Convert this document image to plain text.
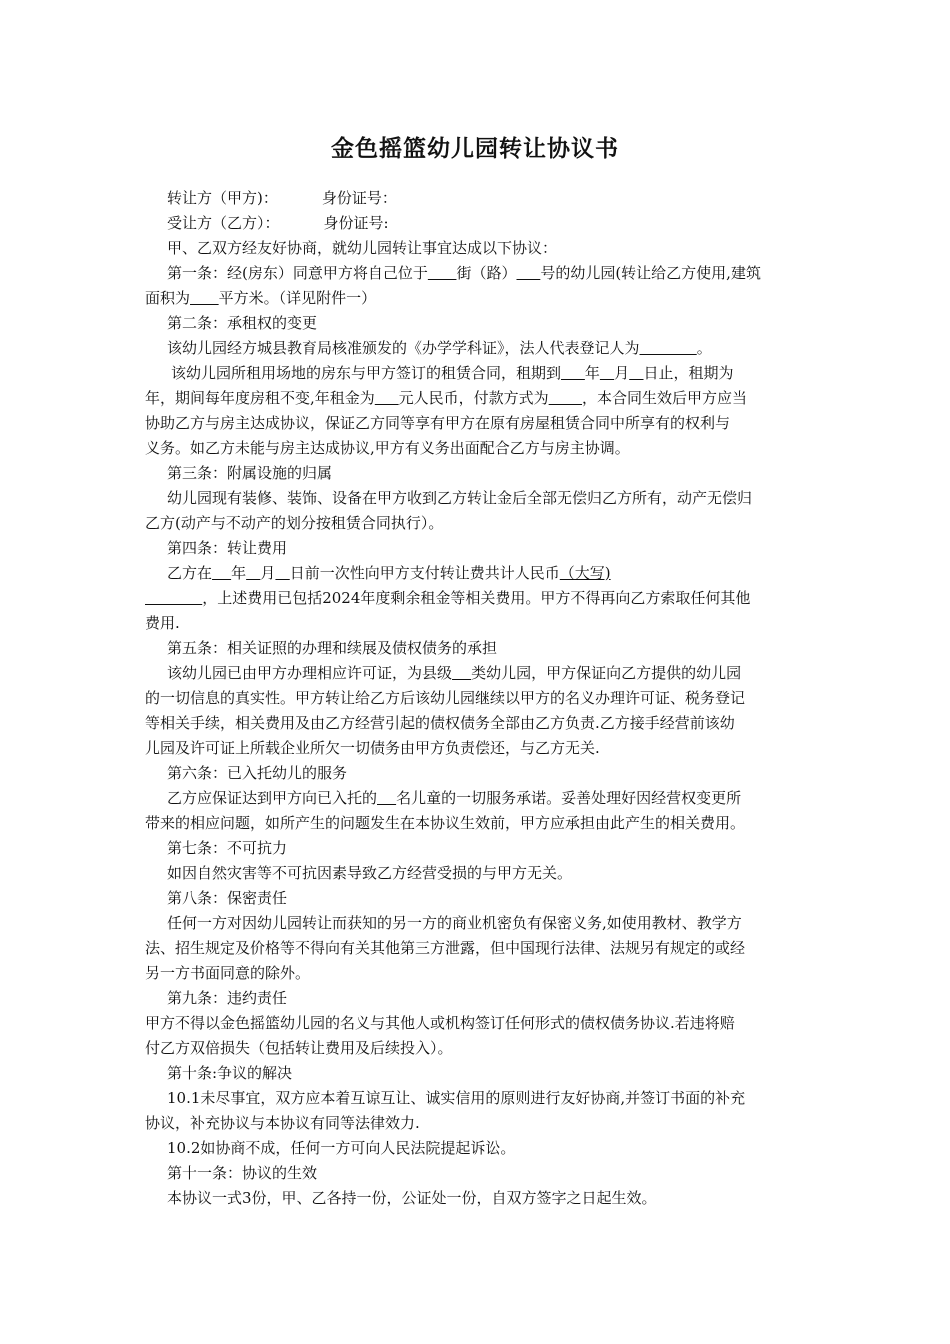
金色摇篮幼儿园转让协议书
转让方（甲方)：	身份证号：
受让方（乙方）：	身份证号:
甲、乙双方经友好协商，就幼儿园转让事宜达成以下协议：
第一条：经(房东）同意甲方将自己位于 街（路） 号的幼儿园(转让给乙方使用,建筑
面积为 平方米。（详见附件一）
第二条：承租权的变更
该幼儿园经方城县教育局核准颁发的《办学学科证》，法人代表登记人为	。
该幼儿园所租用场地的房东与甲方签订的租赁合同，租期到 年 月 日止，租期为
年，期间每年度房租不变,年租金为 元人民币，付款方式为 ，本合同生效后甲方应当
协助乙方与房主达成协议，保证乙方同等享有甲方在原有房屋租赁合同中所享有的权利与
义务。如乙方未能与房主达成协议,甲方有义务出面配合乙方与房主协调。
第三条：附属设施的归属
幼儿园现有装修、装饰、设备在甲方收到乙方转让金后全部无偿归乙方所有，动产无偿归
乙方(动产与不动产的划分按租赁合同执行）。
第四条：转让费用
乙方在 年 月 日前一次性向甲方支付转让费共计人民币（大写)
，上述费用已包括2024年度剩余租金等相关费用。甲方不得再向乙方索取任何其他
费用.
第五条：相关证照的办理和续展及债权债务的承担
该幼儿园已由甲方办理相应许可证，为县级 类幼儿园，甲方保证向乙方提供的幼儿园
的一切信息的真实性。甲方转让给乙方后该幼儿园继续以甲方的名义办理许可证、税务登记
等相关手续，相关费用及由乙方经营引起的债权债务全部由乙方负责.乙方接手经营前该幼
儿园及许可证上所载企业所欠一切债务由甲方负责偿还，与乙方无关.
第六条：已入托幼儿的服务
乙方应保证达到甲方向已入托的 名儿童的一切服务承诺。妥善处理好因经营权变更所
带来的相应问题，如所产生的问题发生在本协议生效前，甲方应承担由此产生的相关费用。
第七条：不可抗力
如因自然灾害等不可抗因素导致乙方经营受损的与甲方无关。
第八条：保密责任
任何一方对因幼儿园转让而获知的另一方的商业机密负有保密义务,如使用教材、教学方
法、招生规定及价格等不得向有关其他第三方泄露，但中国现行法律、法规另有规定的或经
另一方书面同意的除外。
第九条：违约责任
甲方不得以金色摇篮幼儿园的名义与其他人或机构签订任何形式的债权债务协议.若违将赔
付乙方双倍损失（包括转让费用及后续投入）。
第十条:争议的解决
10.1未尽事宜，双方应本着互谅互让、诚实信用的原则进行友好协商,并签订书面的补充
协议，补充协议与本协议有同等法律效力.
10.2如协商不成，任何一方可向人民法院提起诉讼。
第十一条：协议的生效
本协议一式3份，甲、乙各持一份，公证处一份，自双方签字之日起生效。
